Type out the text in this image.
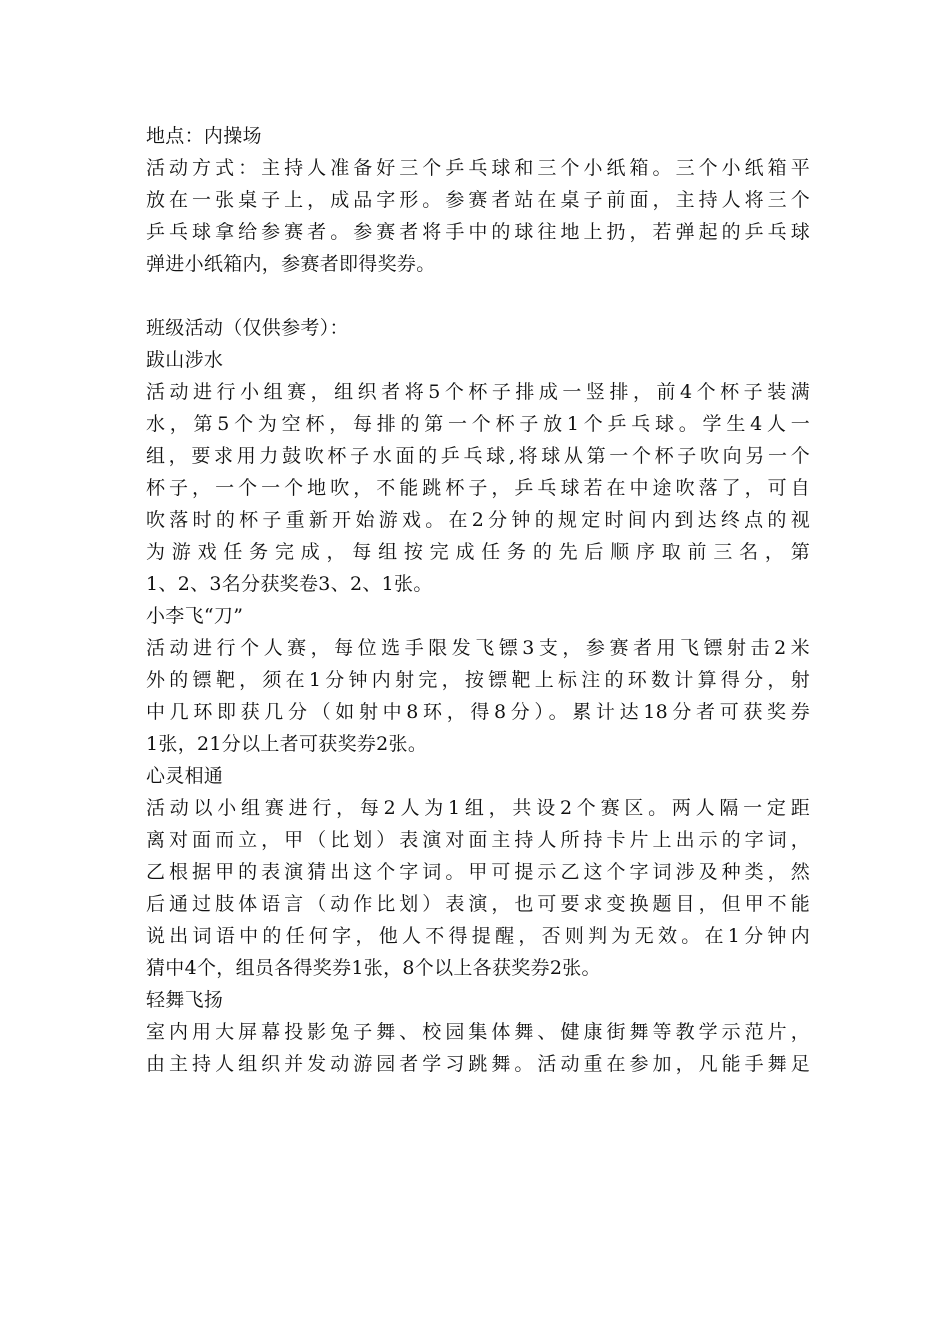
地点：内操场
活动方式：主持人准备好三个乒乓球和三个小纸箱。三个小纸箱平
放在一张桌子上，成品字形。参赛者站在桌子前面，主持人将三个
乒乓球拿给参赛者。参赛者将手中的球往地上扔，若弹起的乒乓球
弹进小纸箱内，参赛者即得奖券。
班级活动（仅供参考）：
跋山涉水
活动进行小组赛，组织者将5个杯子排成一竖排，前4个杯子装满
水，第5个为空杯，每排的第一个杯子放1个乒乓球。学生4人一
组，要求用力鼓吹杯子水面的乒乓球,将球从第一个杯子吹向另一个
杯子，一个一个地吹，不能跳杯子，乒乓球若在中途吹落了，可自
吹落时的杯子重新开始游戏。在2分钟的规定时间内到达终点的视
为游戏任务完成，每组按完成任务的先后顺序取前三名，第
1、2、3名分获奖卷3、2、1张。
小李飞“刀”
活动进行个人赛，每位选手限发飞镖3支，参赛者用飞镖射击2米
外的镖靶，须在1分钟内射完，按镖靶上标注的环数计算得分，射
中几环即获几分（如射中8环，得8分）。累计达18分者可获奖券
1张，21分以上者可获奖券2张。
心灵相通
活动以小组赛进行，每2人为1组，共设2个赛区。两人隔一定距
离对面而立，甲（比划）表演对面主持人所持卡片上出示的字词，
乙根据甲的表演猜出这个字词。甲可提示乙这个字词涉及种类，然
后通过肢体语言（动作比划）表演，也可要求变换题目，但甲不能
说出词语中的任何字，他人不得提醒，否则判为无效。在1分钟内
猜中4个，组员各得奖券1张，8个以上各获奖券2张。
轻舞飞扬
室内用大屏幕投影兔子舞、校园集体舞、健康街舞等教学示范片，
由主持人组织并发动游园者学习跳舞。活动重在参加，凡能手舞足
